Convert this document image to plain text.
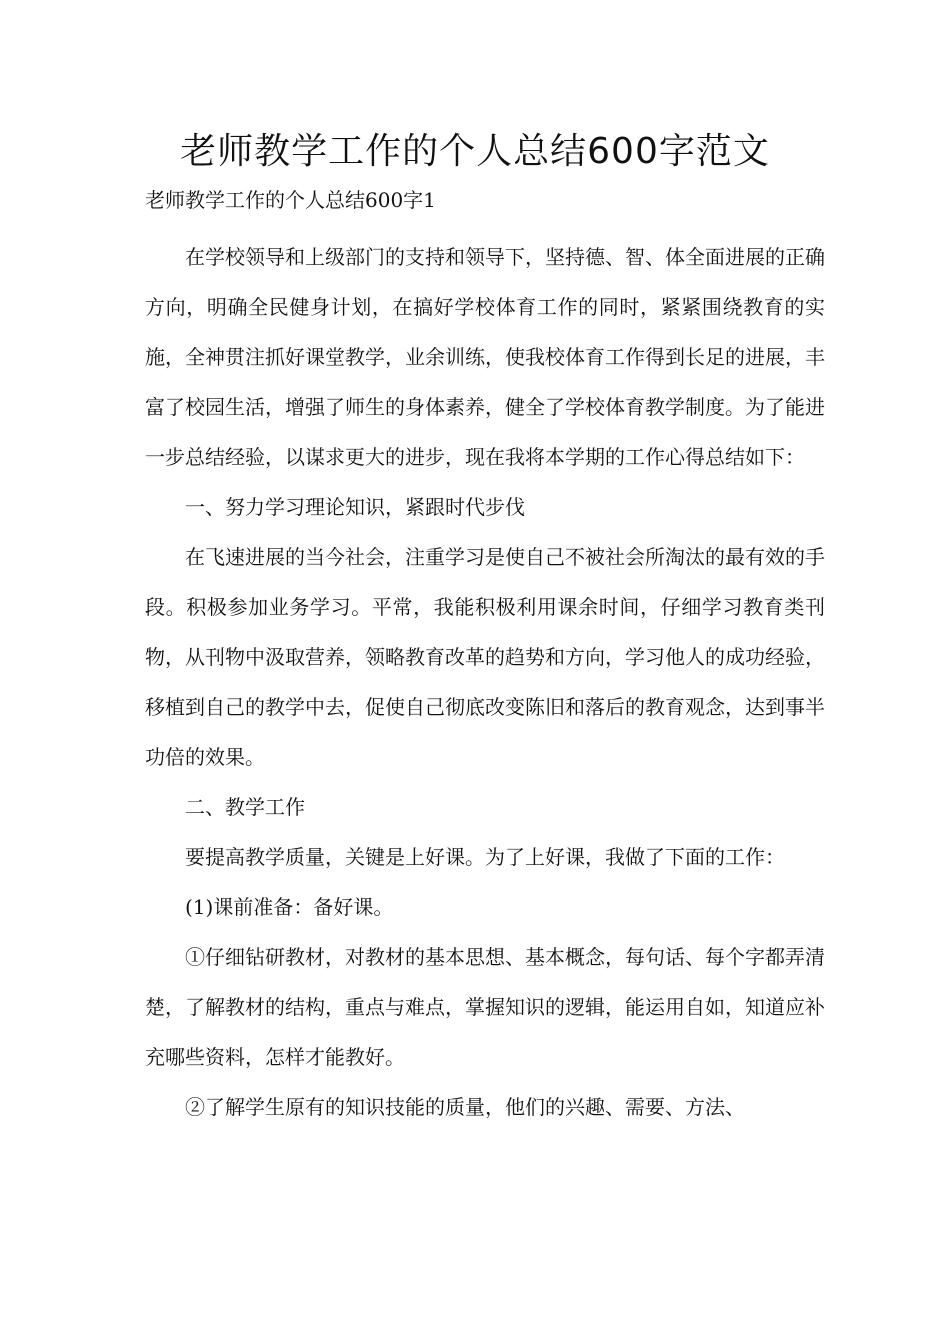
老师教学工作的个人总结600字范文

老师教学工作的个人总结600字1

在学校领导和上级部门的支持和领导下，坚持德、智、体全面进展的正确方向，明确全民健身计划，在搞好学校体育工作的同时，紧紧围绕教育的实施，全神贯注抓好课堂教学，业余训练，使我校体育工作得到长足的进展，丰富了校园生活，增强了师生的身体素养，健全了学校体育教学制度。为了能进一步总结经验，以谋求更大的进步，现在我将本学期的工作心得总结如下：

一、努力学习理论知识，紧跟时代步伐

在飞速进展的当今社会，注重学习是使自己不被社会所淘汰的最有效的手段。积极参加业务学习。平常，我能积极利用课余时间，仔细学习教育类刊物，从刊物中汲取营养，领略教育改革的趋势和方向，学习他人的成功经验，移植到自己的教学中去，促使自己彻底改变陈旧和落后的教育观念，达到事半功倍的效果。

二、教学工作

要提高教学质量，关键是上好课。为了上好课，我做了下面的工作：

(1)课前准备：备好课。

①仔细钻研教材，对教材的基本思想、基本概念，每句话、每个字都弄清楚，了解教材的结构，重点与难点，掌握知识的逻辑，能运用自如，知道应补充哪些资料，怎样才能教好。

②了解学生原有的知识技能的质量，他们的兴趣、需要、方法、
